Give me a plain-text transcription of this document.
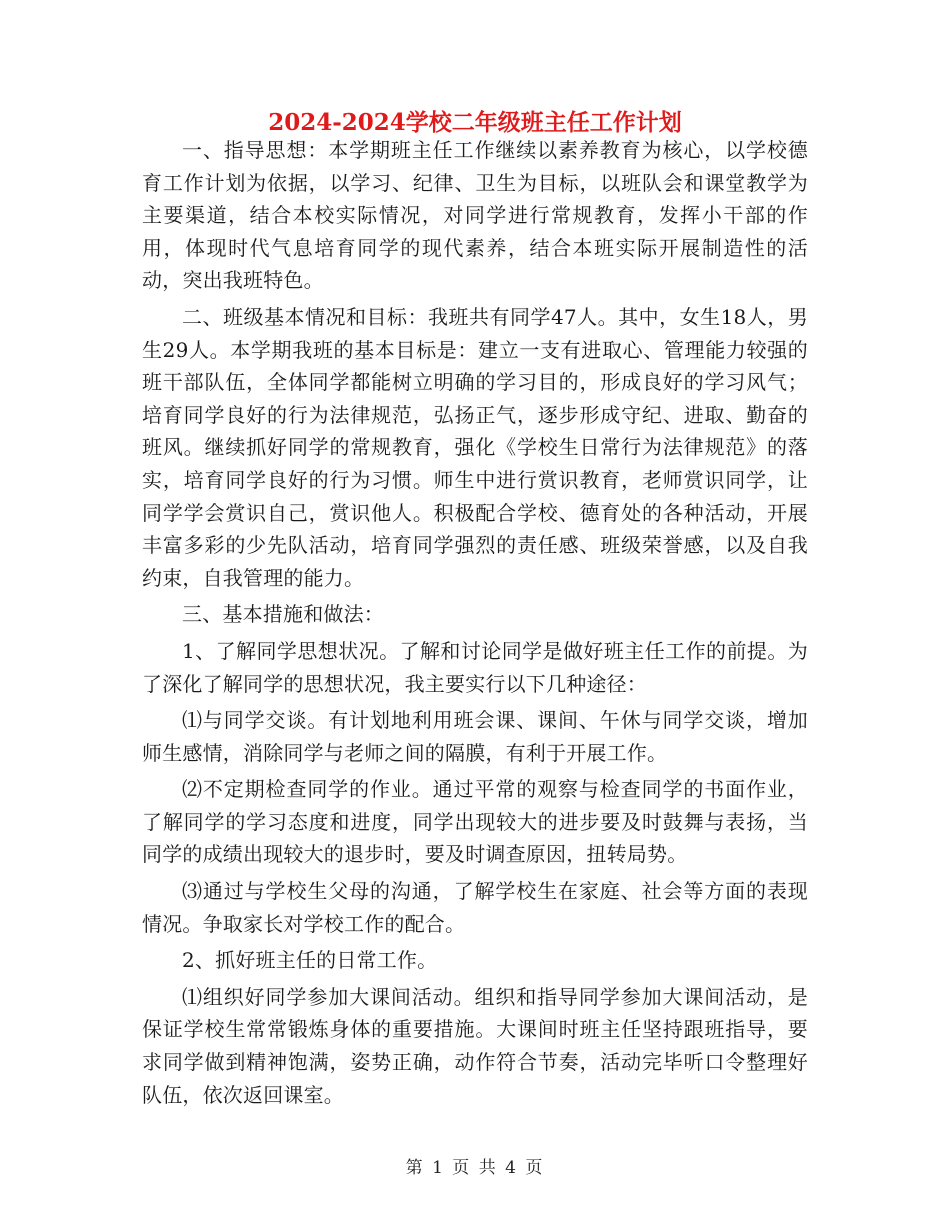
2024-2024学校二年级班主任工作计划

一、指导思想：本学期班主任工作继续以素养教育为核心，以学校德育工作计划为依据，以学习、纪律、卫生为目标，以班队会和课堂教学为主要渠道，结合本校实际情况，对同学进行常规教育，发挥小干部的作用，体现时代气息培育同学的现代素养，结合本班实际开展制造性的活动，突出我班特色。

二、班级基本情况和目标：我班共有同学47人。其中，女生18人，男生29人。本学期我班的基本目标是：建立一支有进取心、管理能力较强的班干部队伍，全体同学都能树立明确的学习目的，形成良好的学习风气；培育同学良好的行为法律规范，弘扬正气，逐步形成守纪、进取、勤奋的班风。继续抓好同学的常规教育，强化《学校生日常行为法律规范》的落实，培育同学良好的行为习惯。师生中进行赏识教育，老师赏识同学，让同学学会赏识自己，赏识他人。积极配合学校、德育处的各种活动，开展丰富多彩的少先队活动，培育同学强烈的责任感、班级荣誉感，以及自我约束，自我管理的能力。

三、基本措施和做法：

1、了解同学思想状况。了解和讨论同学是做好班主任工作的前提。为了深化了解同学的思想状况，我主要实行以下几种途径：

⑴与同学交谈。有计划地利用班会课、课间、午休与同学交谈，增加师生感情，消除同学与老师之间的隔膜，有利于开展工作。

⑵不定期检查同学的作业。通过平常的观察与检查同学的书面作业，了解同学的学习态度和进度，同学出现较大的进步要及时鼓舞与表扬，当同学的成绩出现较大的退步时，要及时调查原因，扭转局势。

⑶通过与学校生父母的沟通，了解学校生在家庭、社会等方面的表现情况。争取家长对学校工作的配合。

2、抓好班主任的日常工作。

⑴组织好同学参加大课间活动。组织和指导同学参加大课间活动，是保证学校生常常锻炼身体的重要措施。大课间时班主任坚持跟班指导，要求同学做到精神饱满，姿势正确，动作符合节奏，活动完毕听口令整理好队伍，依次返回课室。

第 1 页 共 4 页
